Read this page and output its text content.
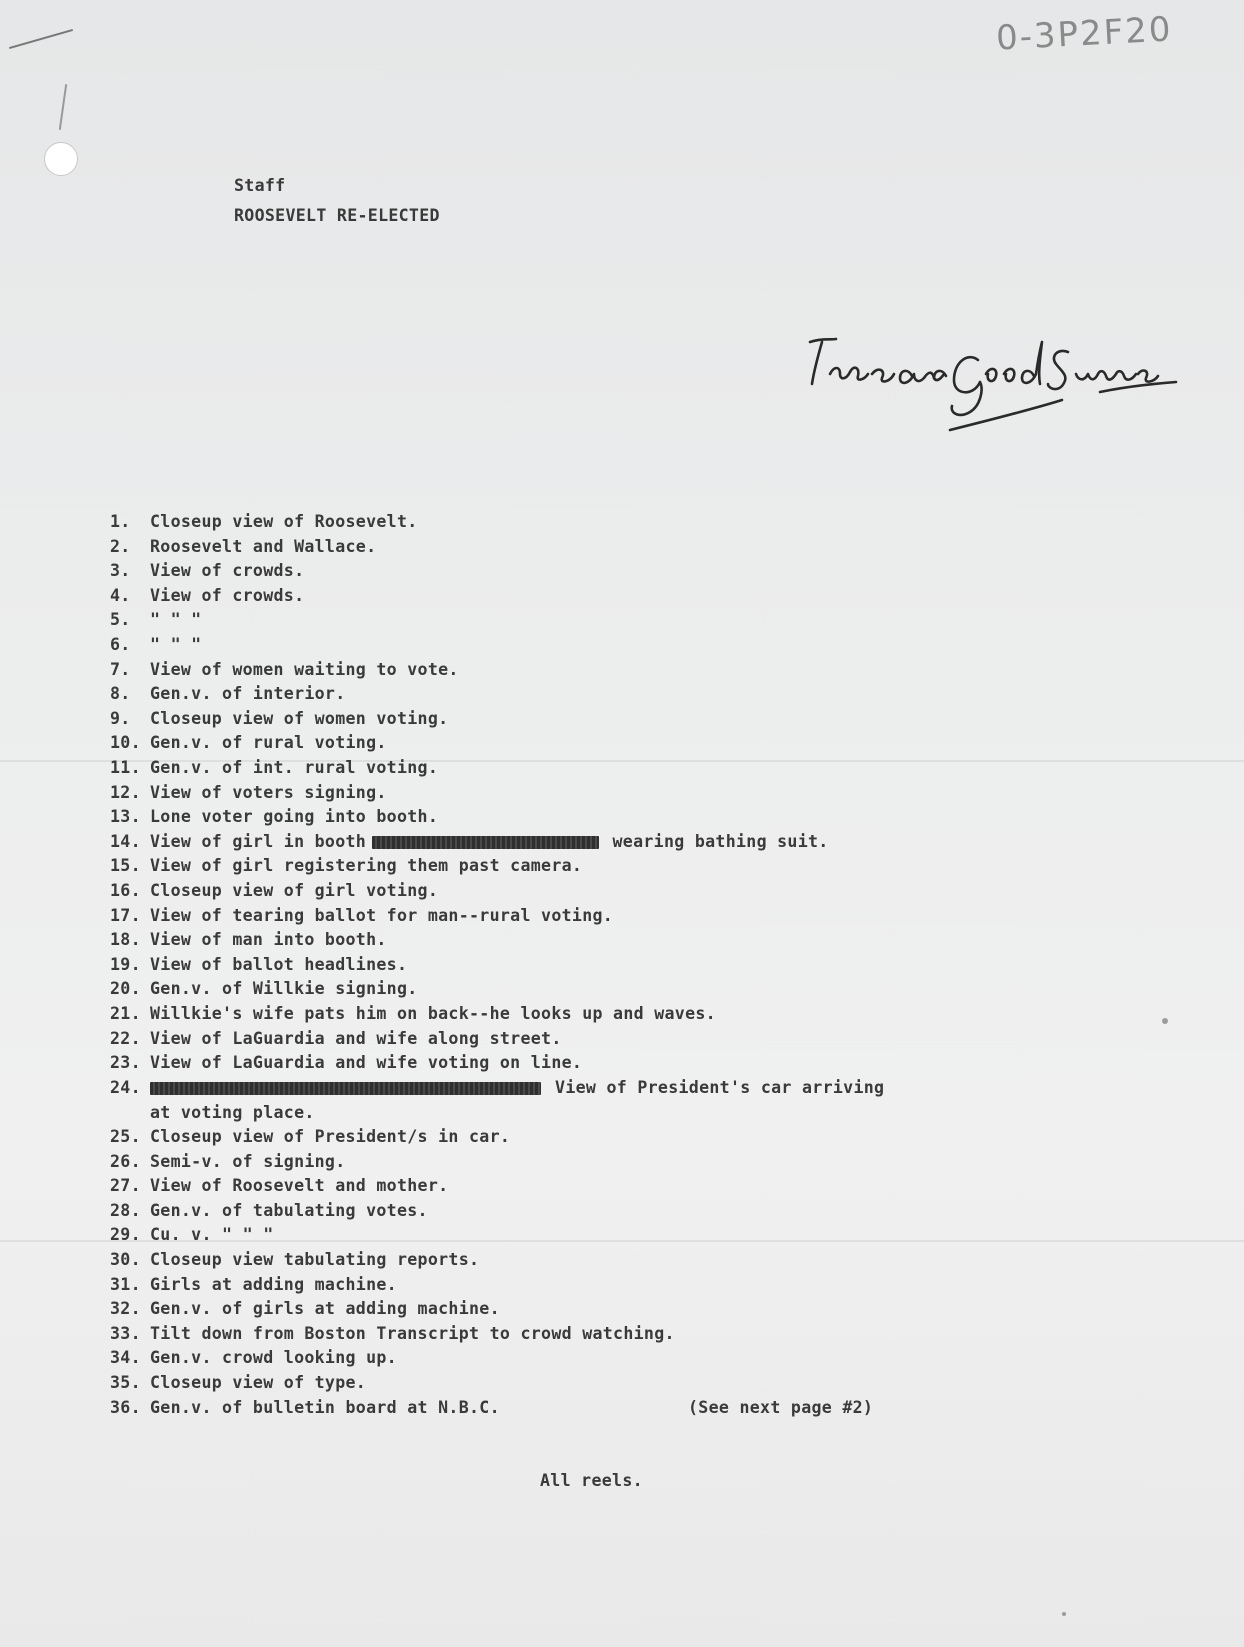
0-3P2F20
Staff
ROOSEVELT RE-ELECTED
1.	Closeup view of Roosevelt.
2.	Roosevelt and Wallace.
3.	View of crowds.
4.	View of crowds.
5.	" " "
6.	" " "
7.	View of women waiting to vote.
8.	Gen.v. of interior.
9.	Closeup view of women voting.
10. Gen.v. of rural voting.
11. Gen.v. of int. rural voting.
12. View of voters signing.
13. Lone voter going into booth.
14. View of girl in booth	wearing bathing suit.
15. View of girl registering them past camera.
16. Closeup view of girl voting.
17. View of tearing ballot for man--rural voting.
18. View of man into booth.
19. View of ballot headlines.
20. Gen.v. of Willkie signing.
21. Willkie's wife pats him on back--he looks up and waves.
22. View of LaGuardia and wife along street.
23. View of LaGuardia and wife voting on line.
24.	View of President's car arriving
at voting place.
25. Closeup view of President/s in car.
26. Semi-v. of signing.
27. View of Roosevelt and mother.
28. Gen.v. of tabulating votes.
29. Cu. v. " " "
30. Closeup view tabulating reports.
31. Girls at adding machine.
32. Gen.v. of girls at adding machine.
33. Tilt down from Boston Transcript to crowd watching.
34. Gen.v. crowd looking up.
35. Closeup view of type.
36. Gen.v. of bulletin board at N.B.C.	(See next page #2)
All reels.
